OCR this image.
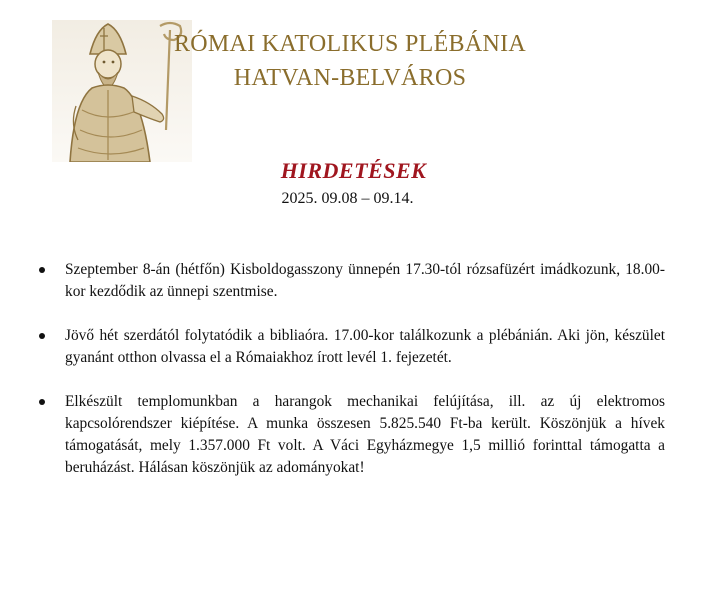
RÓMAI KATOLIKUS PLÉBÁNIA
HATVAN-BELVÁROS
HIRDETÉSEK
2025. 09.08 – 09.14.
Szeptember 8-án (hétfőn) Kisboldogasszony ünnepén 17.30-tól rózsafüzért imádkozunk, 18.00-kor kezdődik az ünnepi szentmise.
Jövő hét szerdától folytatódik a bibliaóra. 17.00-kor találkozunk a plébánián. Aki jön, készület gyanánt otthon olvassa el a Rómaiakhoz írott levél 1. fejezetét.
Elkészült templomunkban a harangok mechanikai felújítása, ill. az új elektromos kapcsolórendszer kiépítése. A munka összesen 5.825.540 Ft-ba került. Köszönjük a hívek támogatását, mely 1.357.000 Ft volt. A Váci Egyházmegye 1,5 millió forinttal támogatta a beruházást. Hálásan köszönjük az adományokat!
